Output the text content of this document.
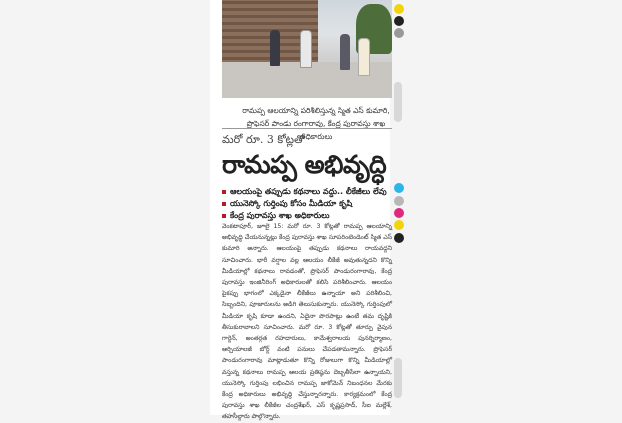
రామప్ప ఆలయాన్ని పరిశీలిస్తున్న స్మిత ఎస్ కుమారి, ప్రొఫెసర్ పాండు రంగారావు, కేంద్ర పురావస్తు శాఖ అధికారులు
మరో రూ. 3 కోట్లతో
రామప్ప అభివృద్ధి
ఆలయంపై తప్పుడు కథనాలు వద్దు.. లీకేజీలు లేవు
యునెస్కో గుర్తింపు కోసం మీడియా కృషి
కేంద్ర పురావస్తు శాఖ అధికారులు
వెంకటాపూర్, జూలై 15: మరో రూ. 3 కోట్లతో రామప్ప ఆలయాన్ని అభివృద్ధి చేయనున్నట్లు కేంద్ర పురావస్తు శాఖ సూపరింటెండెంట్ స్మిత ఎస్ కుమారి అన్నారు. ఆలయంపై తప్పుడు కథనాలు రాయవద్దని సూచించారు. భారీ వర్షాల వల్ల ఆలయం లీకేజీ అవుతున్నదని కొన్ని మీడియాల్లో కథనాలు రావడంతో, ప్రొఫెసర్ పాండురంగారావు, కేంద్ర పురావస్తు ఇంజినీరింగ్ అధికారులతో కలిసి పరిశీలించారు. ఆలయం పైకప్పు భాగంలో ఎక్కడైనా లీకేజీలు ఉన్నాయా అని పరిశీలించి, సిబ్బందిని, పూజారులను అడిగి తెలుసుకున్నారు. యునెస్కో గుర్తింపులో మీడియా కృషి కూడా ఉందని, ఏదైనా పొరపాట్లు ఉంటే తమ దృష్టికి తీసుకురావాలని సూచించారు. మరో రూ. 3 కోట్లతో తూర్పు వైపున గార్డెన్, అంతర్గత రహదారులు, కామేశ్వరాలయ పునర్నిర్మాణం, ఆర్చియాలజీ బోర్డ్ వంటి పనులు చేపడతామన్నారు. ప్రొఫెసర్ పాండురంగారావు మాట్లాడుతూ కొన్ని రోజులుగా కొన్ని మీడియాల్లో వస్తున్న కథనాలు రామప్ప ఆలయ ప్రతిష్ఠను దెబ్బతీసేలా ఉన్నాయని, యునెస్కో గుర్తింపు లభించిన రామప్ప జాకోమెన్ నిబంధనల మేరకు కేంద్ర అధికారులు అభివృద్ధి చేస్తున్నారన్నారు. కార్యక్రమంలో కేంద్ర పురావస్తు శాఖ లీకేజీల చంద్రశేఖర్, ఎస్ కృష్ణప్రసాద్, సీఐ మల్లేశ్, తహసీల్దారు పాల్గొన్నారు.
